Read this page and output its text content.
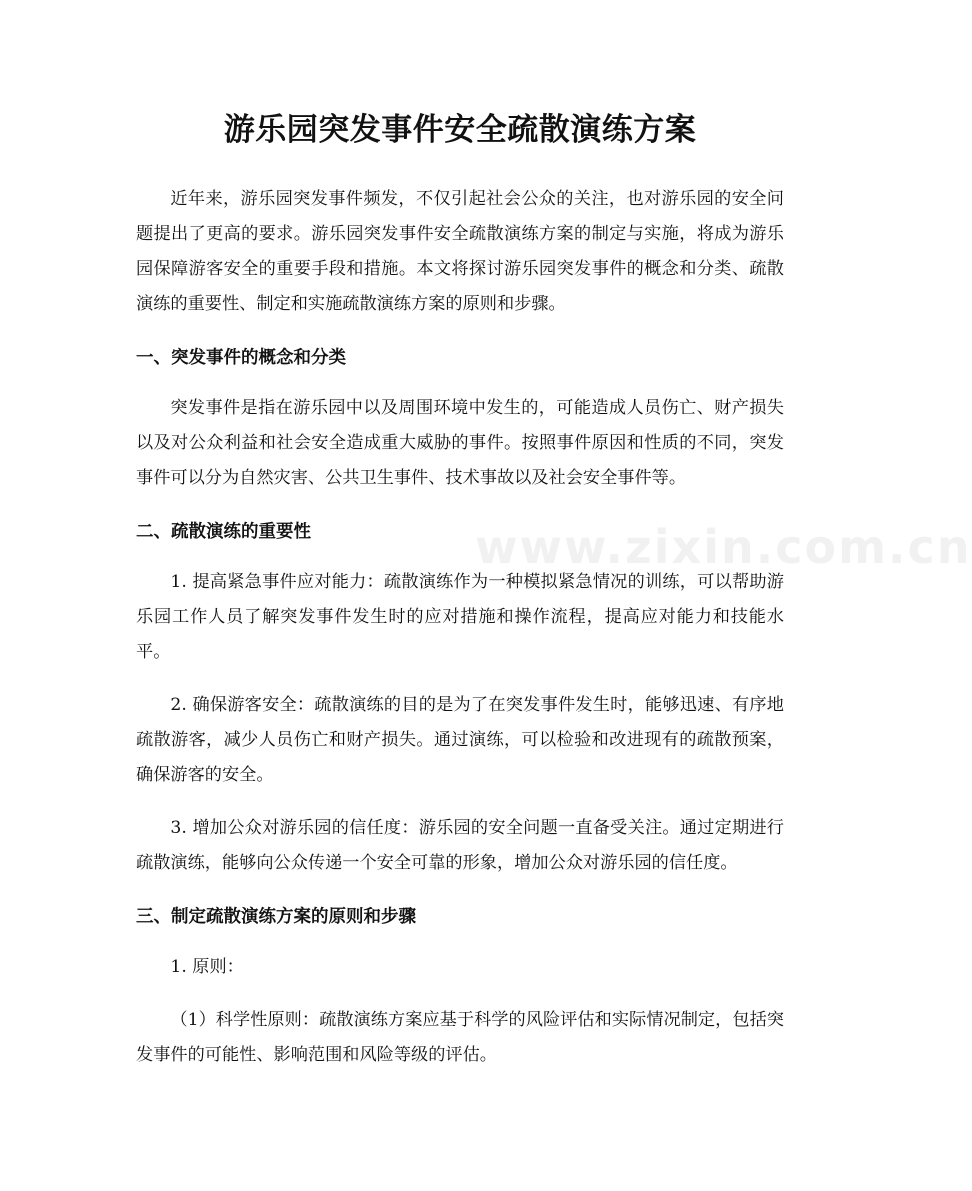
游乐园突发事件安全疏散演练方案

近年来，游乐园突发事件频发，不仅引起社会公众的关注，也对游乐园的安全问题提出了更高的要求。游乐园突发事件安全疏散演练方案的制定与实施，将成为游乐园保障游客安全的重要手段和措施。本文将探讨游乐园突发事件的概念和分类、疏散演练的重要性、制定和实施疏散演练方案的原则和步骤。

一、突发事件的概念和分类

突发事件是指在游乐园中以及周围环境中发生的，可能造成人员伤亡、财产损失以及对公众利益和社会安全造成重大威胁的事件。按照事件原因和性质的不同，突发事件可以分为自然灾害、公共卫生事件、技术事故以及社会安全事件等。

二、疏散演练的重要性

1. 提高紧急事件应对能力：疏散演练作为一种模拟紧急情况的训练，可以帮助游乐园工作人员了解突发事件发生时的应对措施和操作流程，提高应对能力和技能水平。

2. 确保游客安全：疏散演练的目的是为了在突发事件发生时，能够迅速、有序地疏散游客，减少人员伤亡和财产损失。通过演练，可以检验和改进现有的疏散预案，确保游客的安全。

3. 增加公众对游乐园的信任度：游乐园的安全问题一直备受关注。通过定期进行疏散演练，能够向公众传递一个安全可靠的形象，增加公众对游乐园的信任度。

三、制定疏散演练方案的原则和步骤

1. 原则：

（1）科学性原则：疏散演练方案应基于科学的风险评估和实际情况制定，包括突发事件的可能性、影响范围和风险等级的评估。

www.zixin.com.cn
